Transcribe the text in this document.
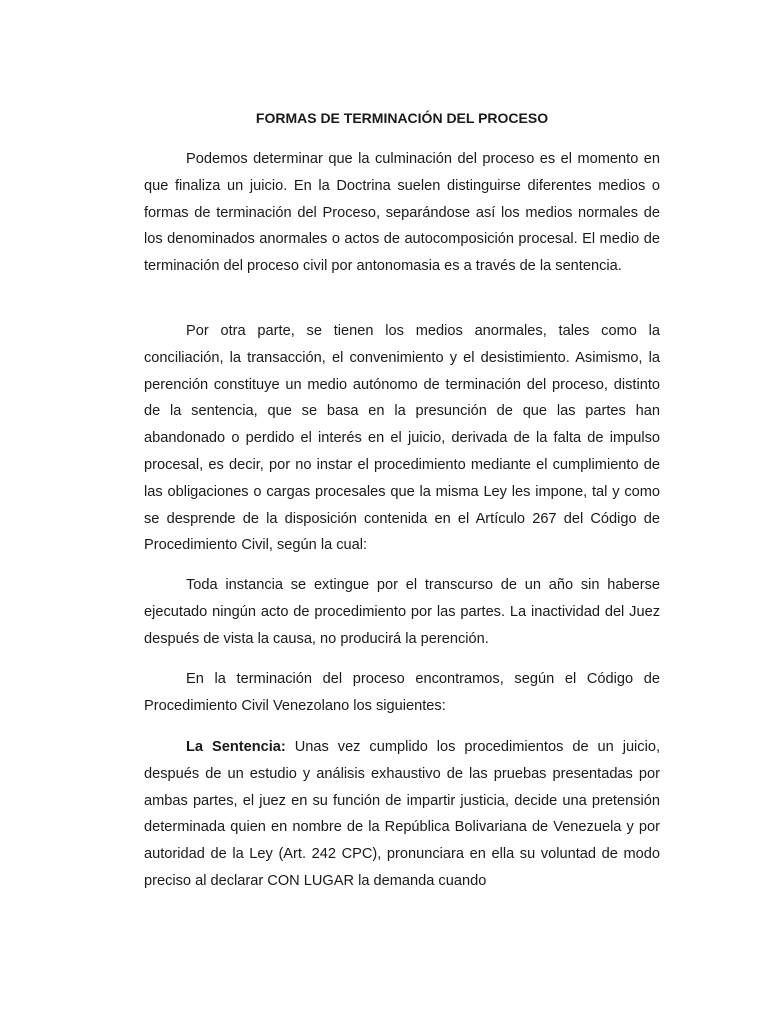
FORMAS DE TERMINACIÓN DEL PROCESO

Podemos determinar que la culminación del proceso es el momento en que finaliza un juicio. En la Doctrina suelen distinguirse diferentes medios o formas de terminación del Proceso, separándose así los medios normales de los denominados anormales o actos de autocomposición procesal. El medio de terminación del proceso civil por antonomasia es a través de la sentencia.

Por otra parte, se tienen los medios anormales, tales como la conciliación, la transacción, el convenimiento y el desistimiento. Asimismo, la perención constituye un medio autónomo de terminación del proceso, distinto de la sentencia, que se basa en la presunción de que las partes han abandonado o perdido el interés en el juicio, derivada de la falta de impulso procesal, es decir, por no instar el procedimiento mediante el cumplimiento de las obligaciones o cargas procesales que la misma Ley les impone, tal y como se desprende de la disposición contenida en el Artículo 267 del Código de Procedimiento Civil, según la cual:

Toda instancia se extingue por el transcurso de un año sin haberse ejecutado ningún acto de procedimiento por las partes. La inactividad del Juez después de vista la causa, no producirá la perención.

En la terminación del proceso encontramos, según el Código de Procedimiento Civil Venezolano los siguientes:

La Sentencia: Unas vez cumplido los procedimientos de un juicio, después de un estudio y análisis exhaustivo de las pruebas presentadas por ambas partes, el juez en su función de impartir justicia, decide una pretensión determinada quien en nombre de la República Bolivariana de Venezuela y por autoridad de la Ley (Art. 242 CPC), pronunciara en ella su voluntad de modo preciso al declarar CON LUGAR la demanda cuando
